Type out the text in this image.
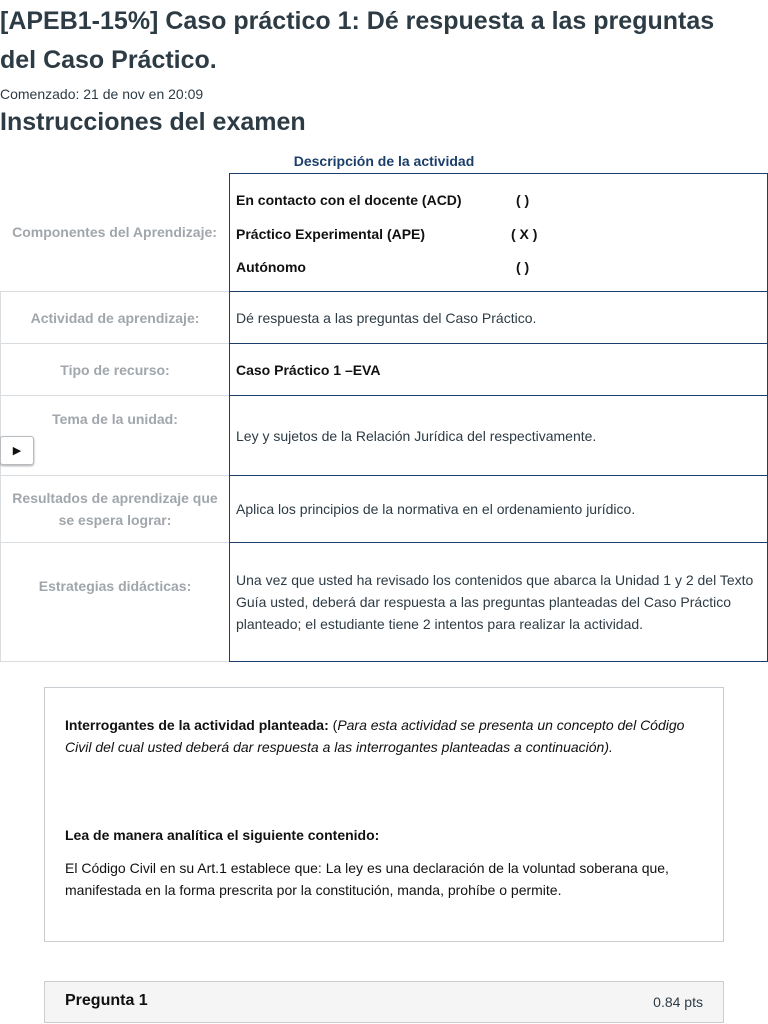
[APEB1-15%] Caso práctico 1: Dé respuesta a las preguntas del Caso Práctico.
Comenzado: 21 de nov en 20:09
Instrucciones del examen
Descripción de la actividad
Componentes del Aprendizaje:
En contacto con el docente (ACD)	( )
Práctico Experimental (APE)	( X )
Autónomo	( )
Actividad de aprendizaje:	Dé respuesta a las preguntas del Caso Práctico.
Tipo de recurso:	Caso Práctico 1 –EVA
Tema de la unidad:
Ley y sujetos de la Relación Jurídica del respectivamente.
▶
Resultados de aprendizaje que se espera lograr:
Aplica los principios de la normativa en el ordenamiento jurídico.
Estrategias didácticas:	Una vez que usted ha revisado los contenidos que abarca la Unidad 1 y 2 del Texto Guía usted, deberá dar respuesta a las preguntas planteadas del Caso Práctico planteado; el estudiante tiene 2 intentos para realizar la actividad.

Interrogantes de la actividad planteada: (Para esta actividad se presenta un concepto del Código Civil del cual usted deberá dar respuesta a las interrogantes planteadas a continuación).

Lea de manera analítica el siguiente contenido:

El Código Civil en su Art.1 establece que: La ley es una declaración de la voluntad soberana que, manifestada en la forma prescrita por la constitución, manda, prohíbe o permite.

Pregunta 1	0.84 pts
